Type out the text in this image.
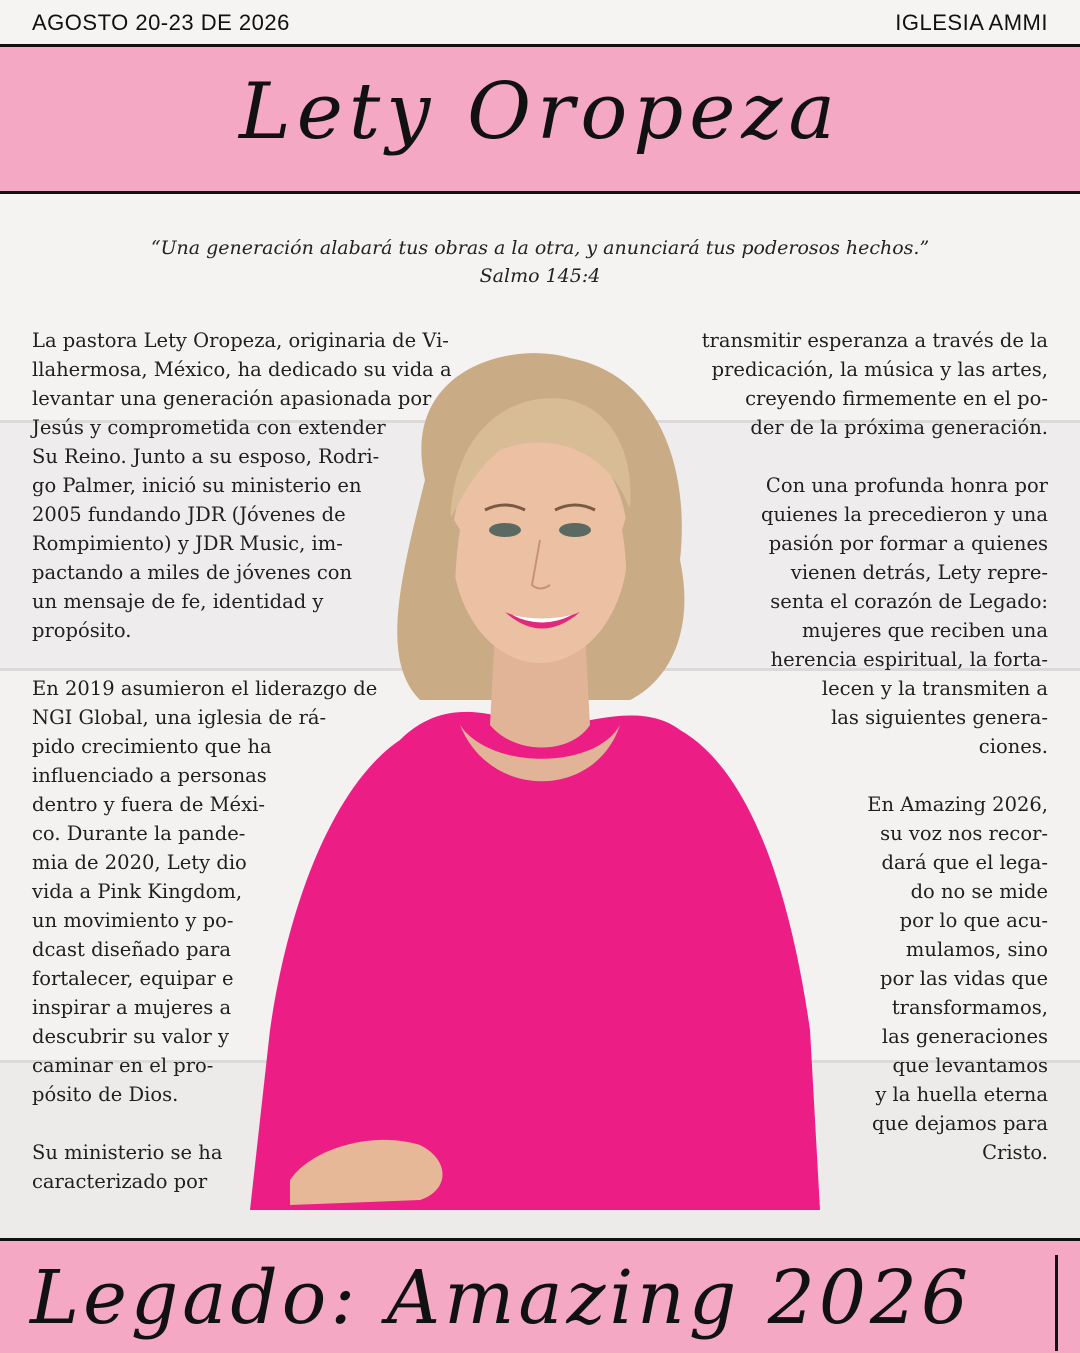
AGOSTO 20-23 DE 2026	IGLESIA AMMI
Lety Oropeza
“Una generación alabará tus obras a la otra, y anunciará tus poderosos hechos.”
Salmo 145:4

La pastora Lety Oropeza, originaria de Vi-
llahermosa, México, ha dedicado su vida a
levantar una generación apasionada por
Jesús y comprometida con extender
Su Reino. Junto a su esposo, Rodri-
go Palmer, inició su ministerio en
2005 fundando JDR (Jóvenes de
Rompimiento) y JDR Music, im-
pactando a miles de jóvenes con
un mensaje de fe, identidad y
propósito.

En 2019 asumieron el liderazgo de
NGI Global, una iglesia de rá-
pido crecimiento que ha
influenciado a personas
dentro y fuera de Méxi-
co. Durante la pande-
mia de 2020, Lety dio
vida a Pink Kingdom,
un movimiento y po-
dcast diseñado para
fortalecer, equipar e
inspirar a mujeres a
descubrir su valor y
caminar en el pro-
pósito de Dios.

Su ministerio se ha
caracterizado por

transmitir esperanza a través de la
predicación, la música y las artes,
creyendo firmemente en el po-
der de la próxima generación.

Con una profunda honra por
quienes la precedieron y una
pasión por formar a quienes
vienen detrás, Lety repre-
senta el corazón de Legado:
mujeres que reciben una
herencia espiritual, la forta-
lecen y la transmiten a
las siguientes genera-
ciones.

En Amazing 2026,
su voz nos recor-
dará que el lega-
do no se mide
por lo que acu-
mulamos, sino
por las vidas que
transformamos,
las generaciones
que levantamos
y la huella eterna
que dejamos para
Cristo.

Legado: Amazing 2026
